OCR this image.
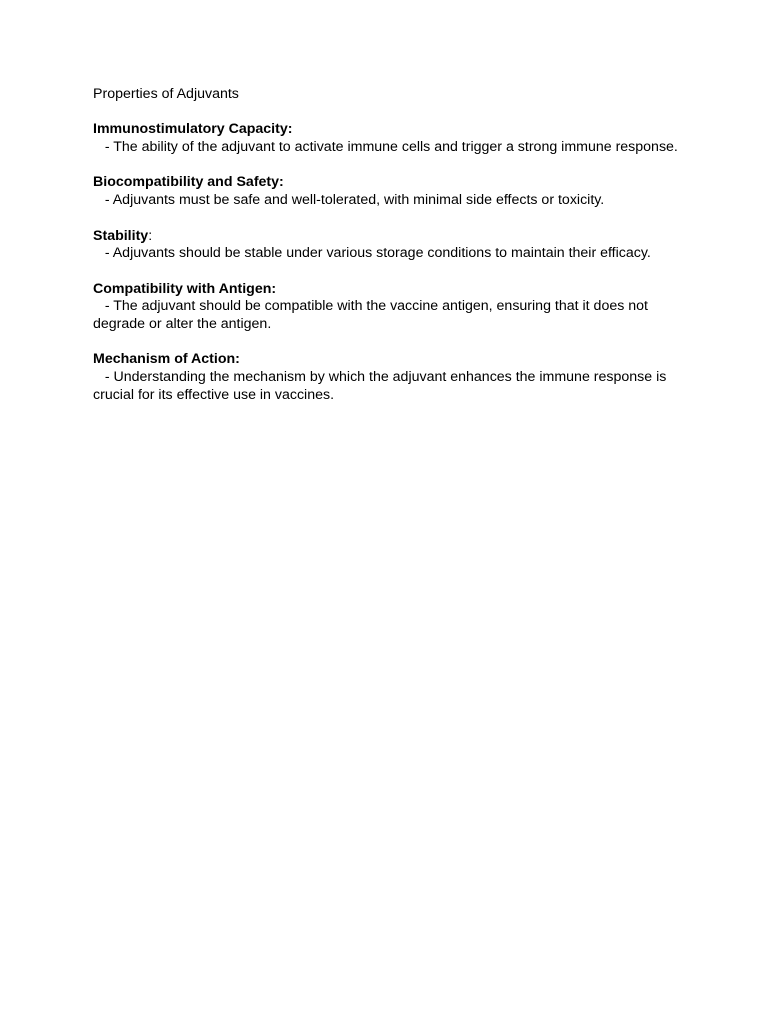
Properties of Adjuvants
Immunostimulatory Capacity:

- The ability of the adjuvant to activate immune cells and trigger a strong immune response.

Biocompatibility and Safety:

- Adjuvants must be safe and well-tolerated, with minimal side effects or toxicity.

Stability:

- Adjuvants should be stable under various storage conditions to maintain their efficacy.

Compatibility with Antigen:

- The adjuvant should be compatible with the vaccine antigen, ensuring that it does not degrade or alter the antigen.

Mechanism of Action:

- Understanding the mechanism by which the adjuvant enhances the immune response is crucial for its effective use in vaccines.
